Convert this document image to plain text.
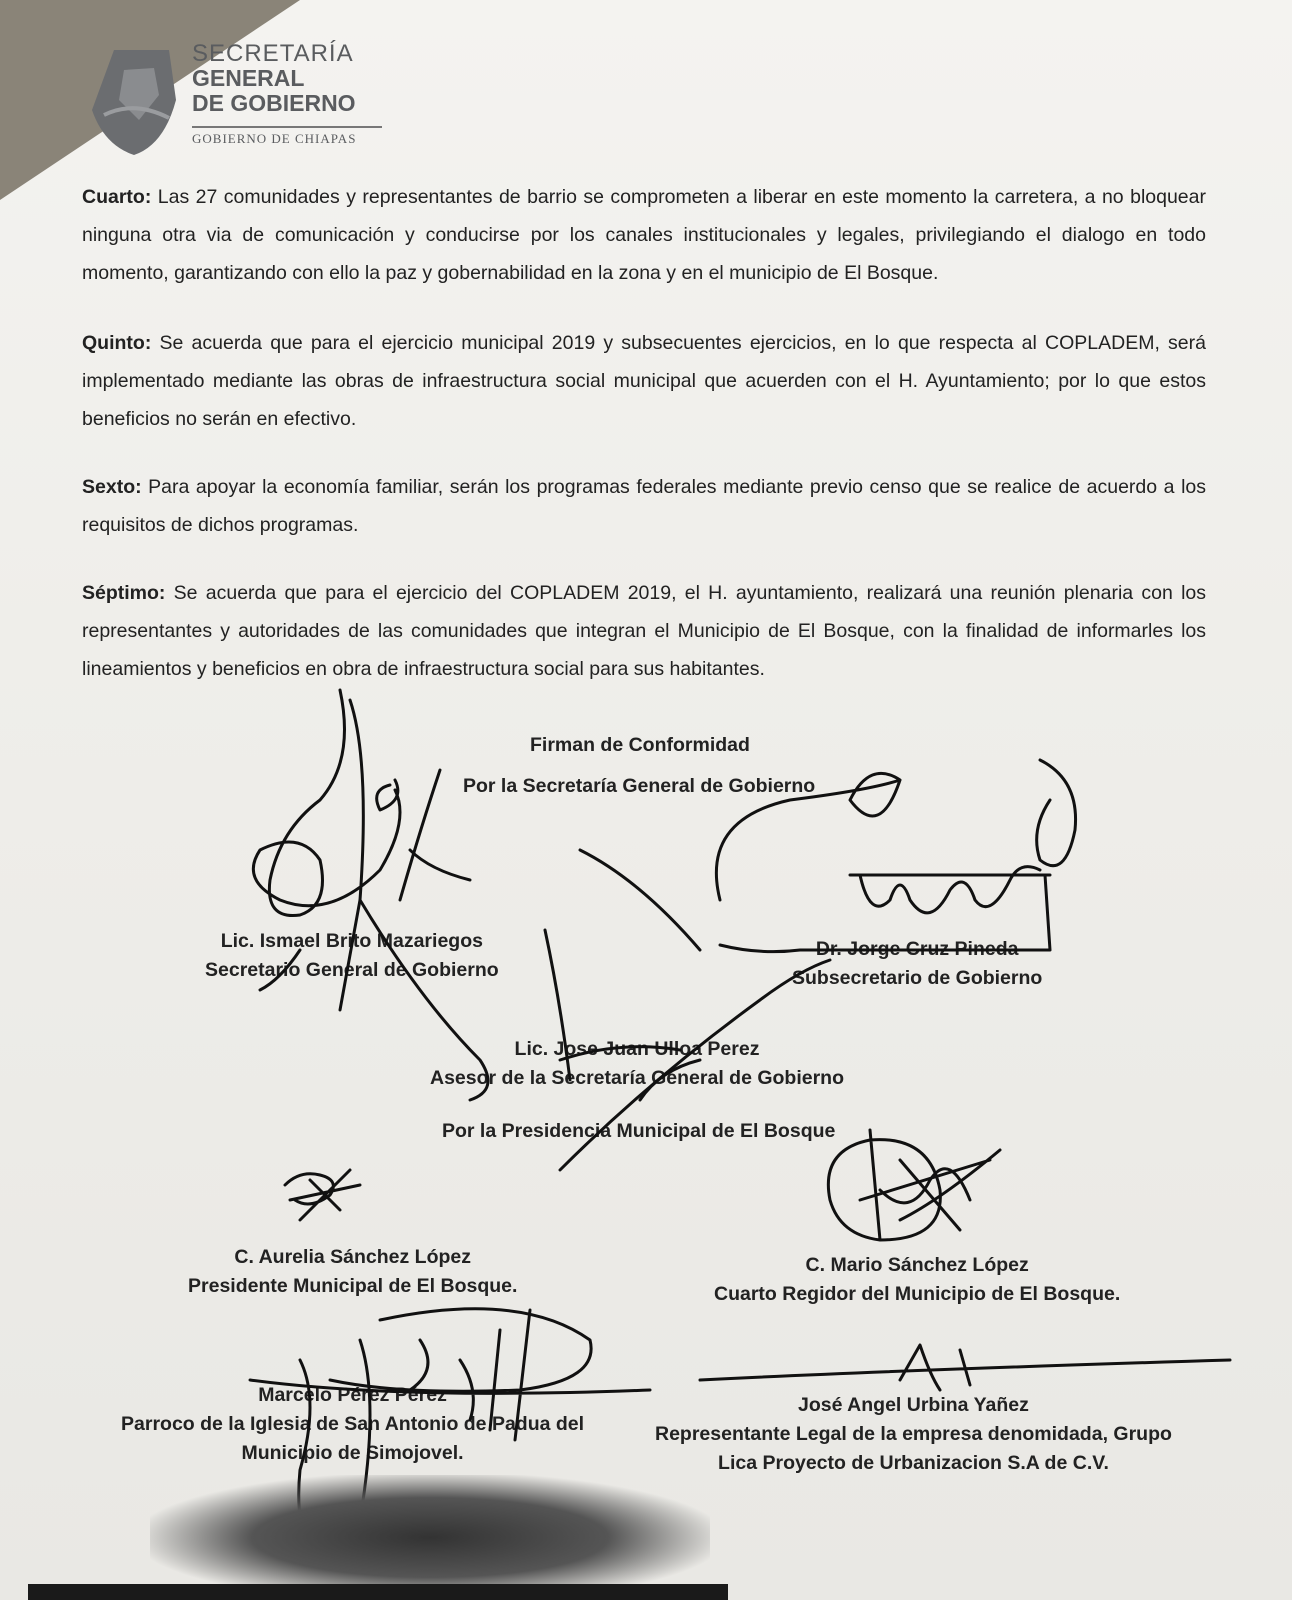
SECRETARÍA
GENERAL
DE GOBIERNO
GOBIERNO DE CHIAPAS
Cuarto: Las 27 comunidades y representantes de barrio se comprometen a liberar en este momento la carretera, a no bloquear ninguna otra via de comunicación y conducirse por los canales institucionales y legales, privilegiando el dialogo en todo momento, garantizando con ello la paz y gobernabilidad en la zona y en el municipio de El Bosque.
Quinto: Se acuerda que para el ejercicio municipal 2019 y subsecuentes ejercicios, en lo que respecta al COPLADEM, será implementado mediante las obras de infraestructura social municipal que acuerden con el H. Ayuntamiento; por lo que estos beneficios no serán en efectivo.
Sexto: Para apoyar la economía familiar, serán los programas federales mediante previo censo que se realice de acuerdo a los requisitos de dichos programas.
Séptimo: Se acuerda que para el ejercicio del COPLADEM 2019, el H. ayuntamiento, realizará una reunión plenaria con los representantes y autoridades de las comunidades que integran el Municipio de El Bosque, con la finalidad de informarles los lineamientos y beneficios en obra de infraestructura social para sus habitantes.
Firman de Conformidad
Por la Secretaría General de Gobierno
Lic. Ismael Brito Mazariegos
Secretario General de Gobierno
Dr. Jorge Cruz Pineda
Subsecretario de Gobierno
Lic. Jose Juan Ulloa Perez
Asesor de la Secretaría General de Gobierno
Por la Presidencia Municipal de El Bosque
C. Aurelia Sánchez López
Presidente Municipal de El Bosque.
C. Mario Sánchez López
Cuarto Regidor del Municipio de El Bosque.
Marcelo Pérez Pérez
Parroco de la Iglesia de San Antonio de Padua del
Municipio de Simojovel.
José Angel Urbina Yañez
Representante Legal de la empresa denomidada, Grupo
Lica Proyecto de Urbanizacion S.A de C.V.
